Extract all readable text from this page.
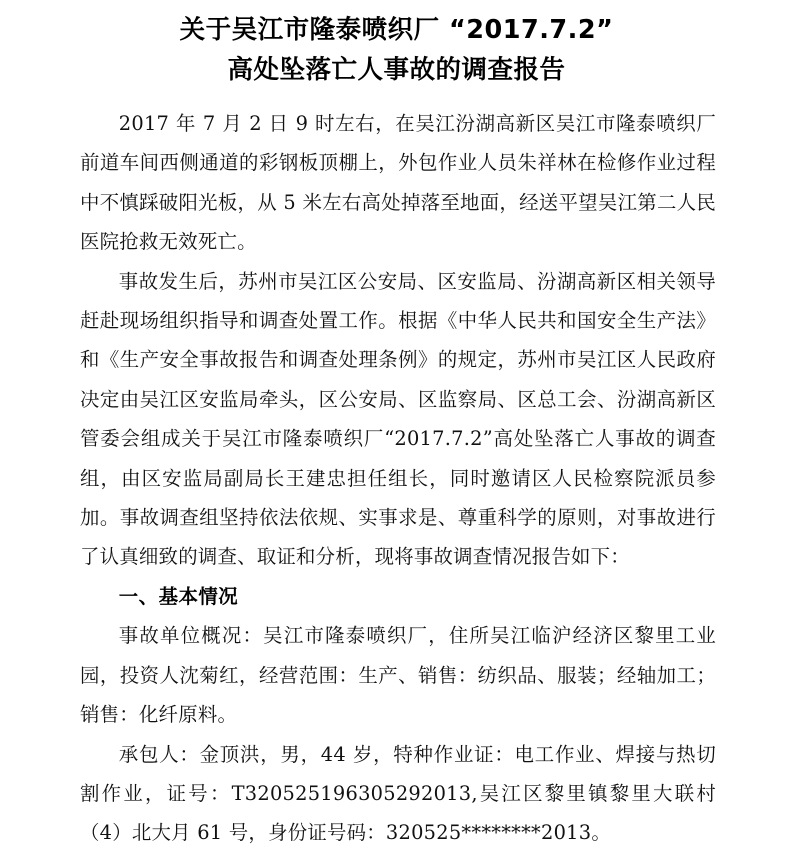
关于吴江市隆泰喷织厂 “2017.7.2”
高处坠落亡人事故的调查报告

2017 年 7 月 2 日 9 时左右，在吴江汾湖高新区吴江市隆泰喷织厂前道车间西侧通道的彩钢板顶棚上，外包作业人员朱祥林在检修作业过程中不慎踩破阳光板，从 5 米左右高处掉落至地面，经送平望吴江第二人民医院抢救无效死亡。

事故发生后，苏州市吴江区公安局、区安监局、汾湖高新区相关领导赶赴现场组织指导和调查处置工作。根据《中华人民共和国安全生产法》和《生产安全事故报告和调查处理条例》的规定，苏州市吴江区人民政府决定由吴江区安监局牵头，区公安局、区监察局、区总工会、汾湖高新区管委会组成关于吴江市隆泰喷织厂“2017.7.2”高处坠落亡人事故的调查组，由区安监局副局长王建忠担任组长，同时邀请区人民检察院派员参加。事故调查组坚持依法依规、实事求是、尊重科学的原则，对事故进行了认真细致的调查、取证和分析，现将事故调查情况报告如下：

一、基本情况

事故单位概况：吴江市隆泰喷织厂，住所吴江临沪经济区黎里工业园，投资人沈菊红，经营范围：生产、销售：纺织品、服装；经轴加工；销售：化纤原料。

承包人：金顶洪，男，44 岁，特种作业证：电工作业、焊接与热切割作业，证号：T320525196305292013,吴江区黎里镇黎里大联村（4）北大月 61 号，身份证号码：320525********2013。
